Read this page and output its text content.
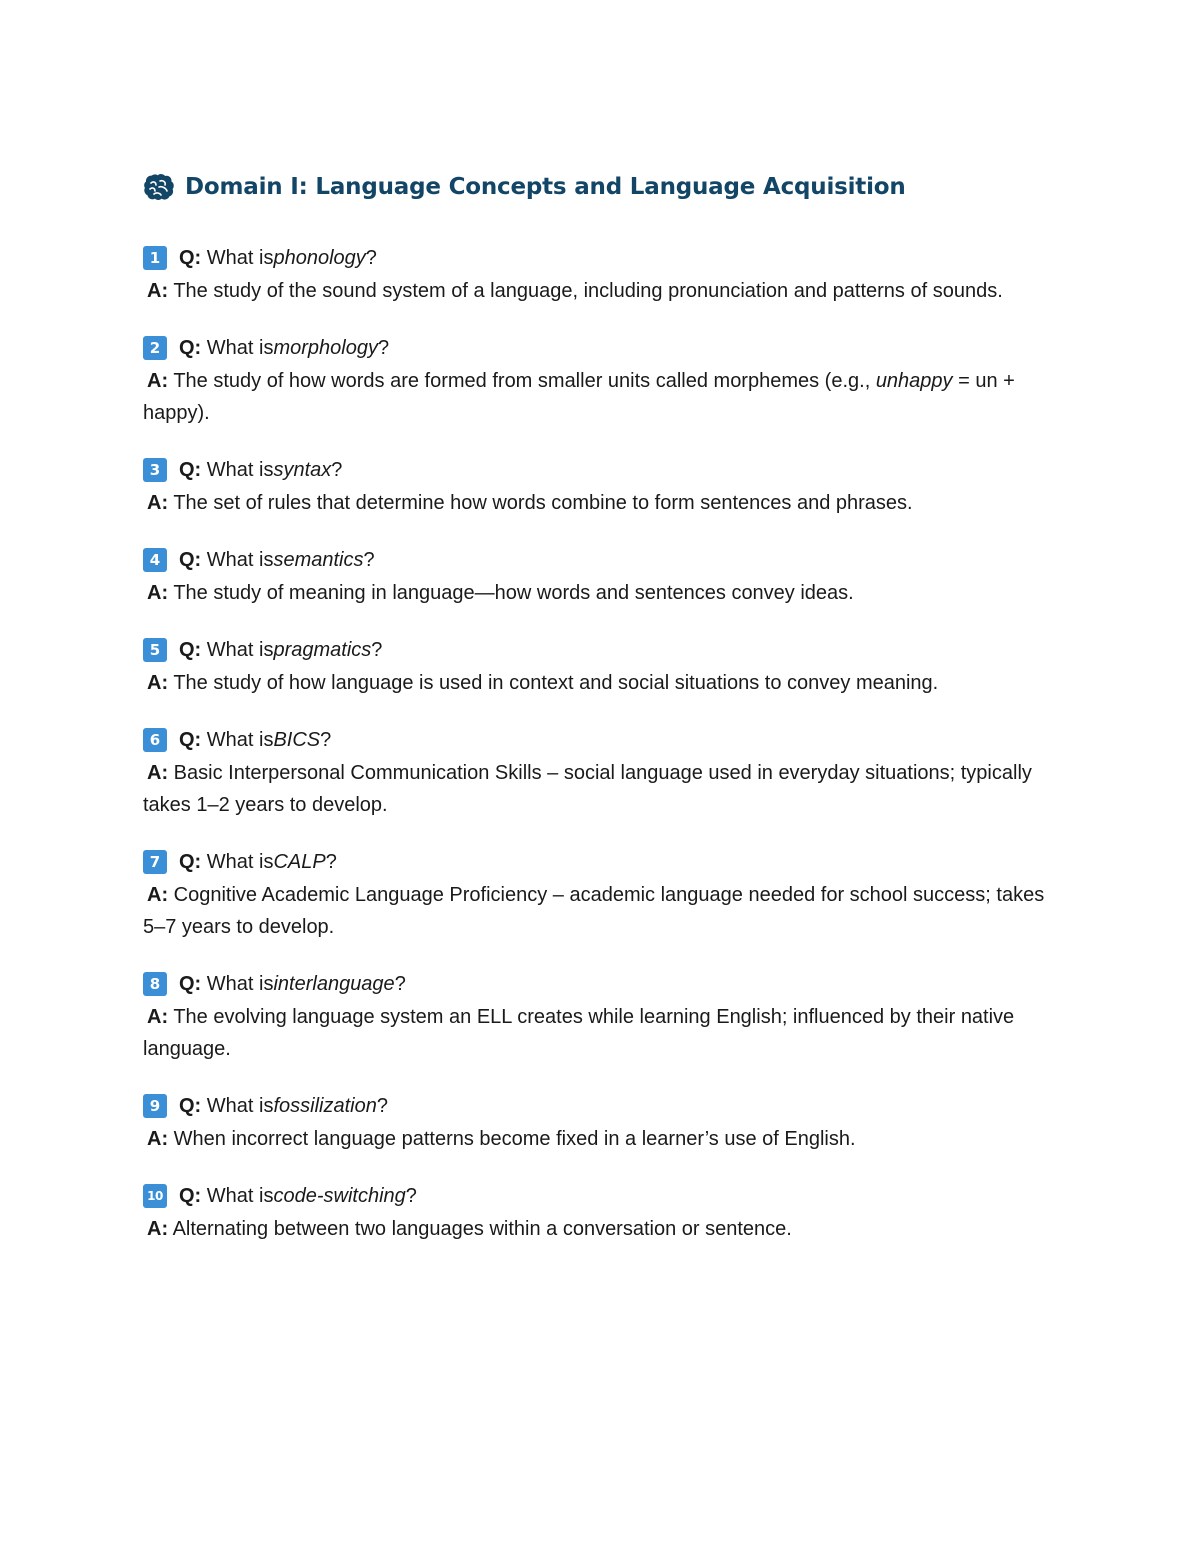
Domain I: Language Concepts and Language Acquisition
1 Q:
What is phonology ?

A: The study of the sound system of a language, including pronunciation and patterns of sounds.

2 Q:
What is morphology ?

A: The study of how words are formed from smaller units called morphemes (e.g., unhappy = un + happy).

3 Q:
What is syntax ?

A: The set of rules that determine how words combine to form sentences and phrases.

4 Q:
What is semantics ?

A: The study of meaning in language—how words and sentences convey ideas.

5 Q:
What is pragmatics ?

A: The study of how language is used in context and social situations to convey meaning.

6 Q:
What is BICS ?

A: Basic Interpersonal Communication Skills – social language used in everyday situations; typically takes 1–2 years to develop.

7 Q:
What is CALP ?

A: Cognitive Academic Language Proficiency – academic language needed for school success; takes 5–7 years to develop.

8 Q:
What is interlanguage ?

A: The evolving language system an ELL creates while learning English; influenced by their native language.

9 Q:
What is fossilization ?

A: When incorrect language patterns become fixed in a learner’s use of English.

10 Q:
What is code-switching ?

A: Alternating between two languages within a conversation or sentence.
